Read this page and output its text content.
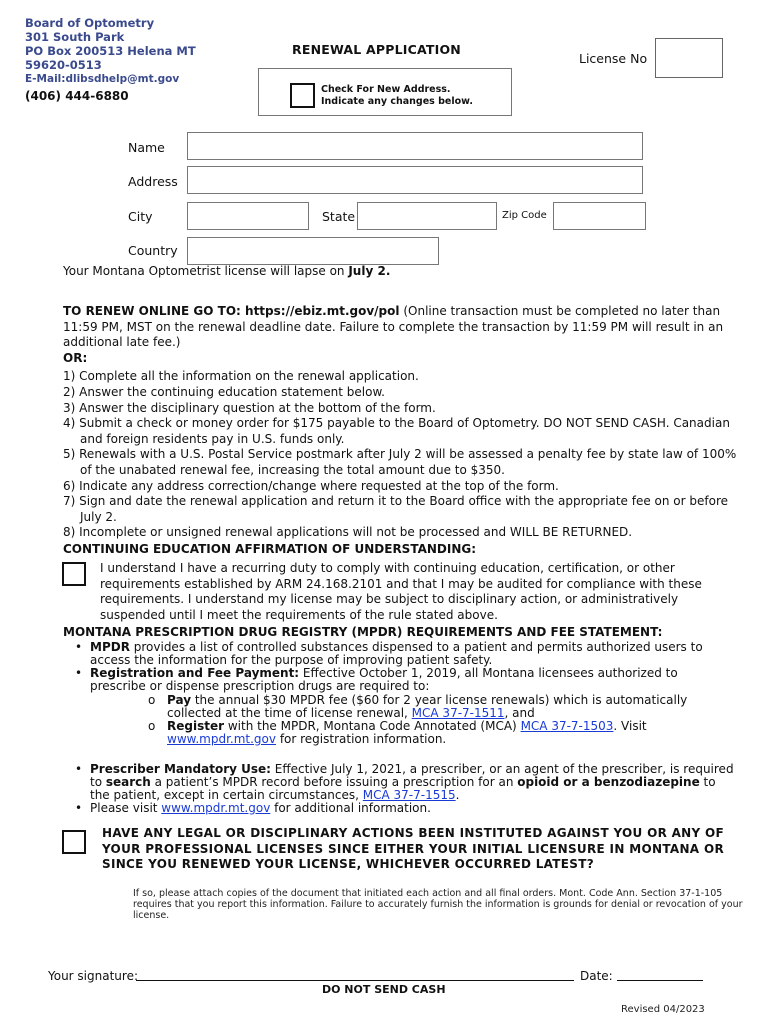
Board of Optometry
301 South Park
PO Box 200513 Helena MT
59620-0513
E-Mail:dlibsdhelp@mt.gov
(406) 444-6880
RENEWAL APPLICATION
License No
Check For New Address.
Indicate any changes below.
Name
Address
City	State	Zip Code
Country
Your Montana Optometrist license will lapse on July 2.

TO RENEW ONLINE GO TO: https://ebiz.mt.gov/pol (Online transaction must be completed no later than 11:59 PM, MST on the renewal deadline date. Failure to complete the transaction by 11:59 PM will result in an additional late fee.)

OR:

1) Complete all the information on the renewal application.

2) Answer the continuing education statement below.

3) Answer the disciplinary question at the bottom of the form.

4) Submit a check or money order for $175 payable to the Board of Optometry. DO NOT SEND CASH. Canadian and foreign residents pay in U.S. funds only.

5) Renewals with a U.S. Postal Service postmark after July 2 will be assessed a penalty fee by state law of 100% of the unabated renewal fee, increasing the total amount due to $350.

6) Indicate any address correction/change where requested at the top of the form.

7) Sign and date the renewal application and return it to the Board office with the appropriate fee on or before July 2.

8) Incomplete or unsigned renewal applications will not be processed and WILL BE RETURNED.

CONTINUING EDUCATION AFFIRMATION OF UNDERSTANDING:

I understand I have a recurring duty to comply with continuing education, certification, or other requirements established by ARM 24.168.2101 and that I may be audited for compliance with these requirements. I understand my license may be subject to disciplinary action, or administratively suspended until I meet the requirements of the rule stated above.
MONTANA PRESCRIPTION DRUG REGISTRY (MPDR) REQUIREMENTS AND FEE STATEMENT:
• MPDR provides a list of controlled substances dispensed to a patient and permits authorized users to access the information for the purpose of improving patient safety.
• Registration and Fee Payment: Effective October 1, 2019, all Montana licensees authorized to prescribe or dispense prescription drugs are required to:
o Pay the annual $30 MPDR fee ($60 for 2 year license renewals) which is automatically collected at the time of license renewal, MCA 37-7-1511, and
o Register with the MPDR, Montana Code Annotated (MCA) MCA 37-7-1503. Visit www.mpdr.mt.gov for registration information.
• Prescriber Mandatory Use: Effective July 1, 2021, a prescriber, or an agent of the prescriber, is required to search a patient’s MPDR record before issuing a prescription for an opioid or a benzodiazepine to the patient, except in certain circumstances, MCA 37-7-1515.
• Please visit www.mpdr.mt.gov for additional information.
HAVE ANY LEGAL OR DISCIPLINARY ACTIONS BEEN INSTITUTED AGAINST YOU OR ANY OF YOUR PROFESSIONAL LICENSES SINCE EITHER YOUR INITIAL LICENSURE IN MONTANA OR SINCE YOU RENEWED YOUR LICENSE, WHICHEVER OCCURRED LATEST?
If so, please attach copies of the document that initiated each action and all final orders. Mont. Code Ann. Section 37-1-105 requires that you report this information. Failure to accurately furnish the information is grounds for denial or revocation of your license.
Your signature:	Date:
DO NOT SEND CASH
Revised 04/2023
